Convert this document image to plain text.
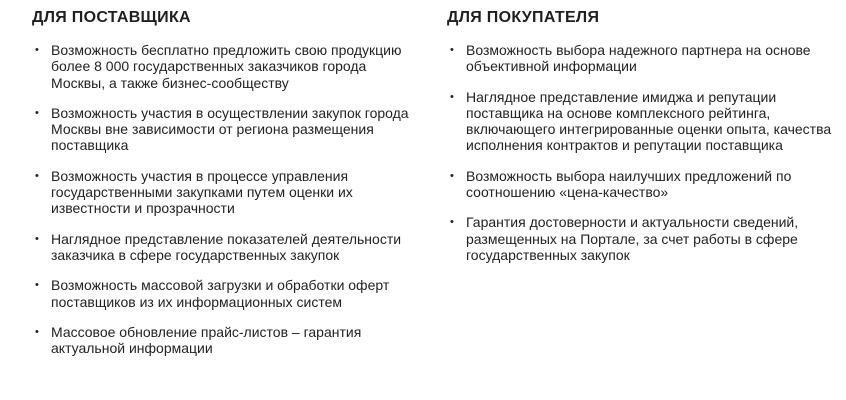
ДЛЯ ПОСТАВЩИКА
• Возможность бесплатно предложить свою продукцию более 8 000 государственных заказчиков города Москвы, а также бизнес-сообществу
• Возможность участия в осуществлении закупок города Москвы вне зависимости от региона размещения поставщика
• Возможность участия в процессе управления государственными закупками путем оценки их известности и прозрачности
• Наглядное представление показателей деятельности заказчика в сфере государственных закупок
• Возможность массовой загрузки и обработки оферт поставщиков из их информационных систем
• Массовое обновление прайс-листов – гарантия актуальной информации
ДЛЯ ПОКУПАТЕЛЯ
• Возможность выбора надежного партнера на основе объективной информации
• Наглядное представление имиджа и репутации поставщика на основе комплексного рейтинга, включающего интегрированные оценки опыта, качества исполнения контрактов и репутации поставщика
• Возможность выбора наилучших предложений по соотношению «цена-качество»
• Гарантия достоверности и актуальности сведений, размещенных на Портале, за счет работы в сфере государственных закупок
